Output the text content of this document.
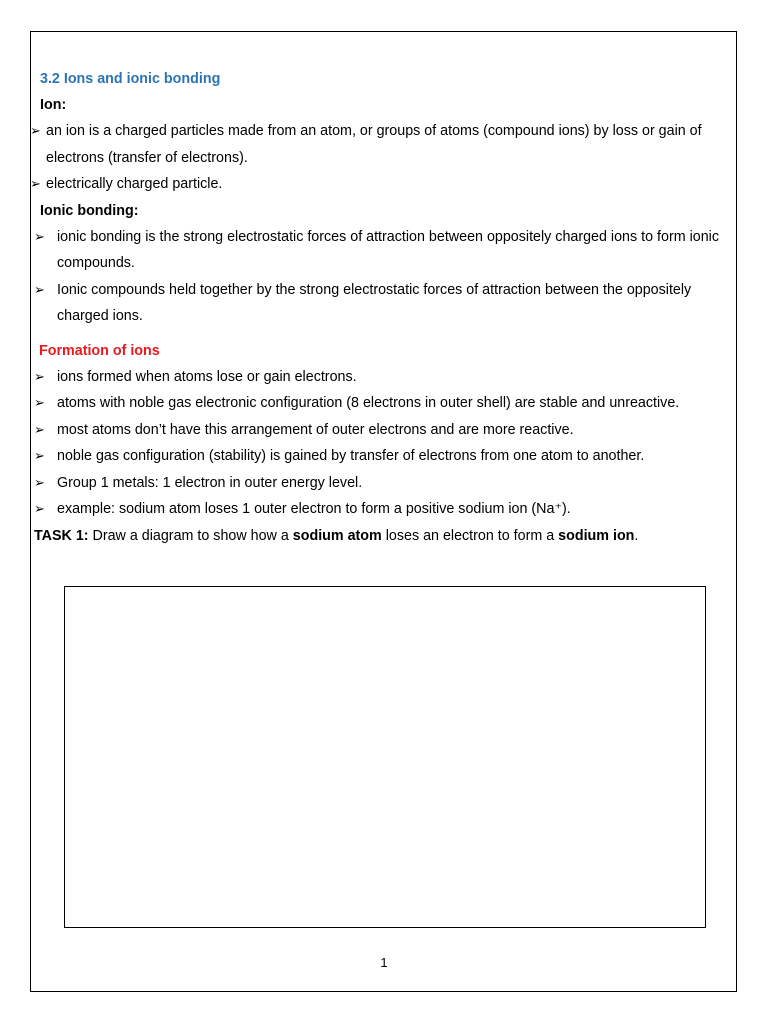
3.2 Ions and ionic bonding
Ion:
➢ an ion is a charged particles made from an atom, or groups of atoms (compound ions) by loss or gain of electrons (transfer of electrons).
➢ electrically charged particle.
Ionic bonding:
➢ ionic bonding is the strong electrostatic forces of attraction between oppositely charged ions to form ionic compounds.
➢ Ionic compounds held together by the strong electrostatic forces of attraction between the oppositely charged ions.
Formation of ions
➢ ions formed when atoms lose or gain electrons.
➢ atoms with noble gas electronic configuration (8 electrons in outer shell) are stable and unreactive.
➢ most atoms don’t have this arrangement of outer electrons and are more reactive.
➢ noble gas configuration (stability) is gained by transfer of electrons from one atom to another.
➢ Group 1 metals: 1 electron in outer energy level.
➢ example: sodium atom loses 1 outer electron to form a positive sodium ion (Na⁺).
TASK 1: Draw a diagram to show how a sodium atom loses an electron to form a sodium ion.
1
